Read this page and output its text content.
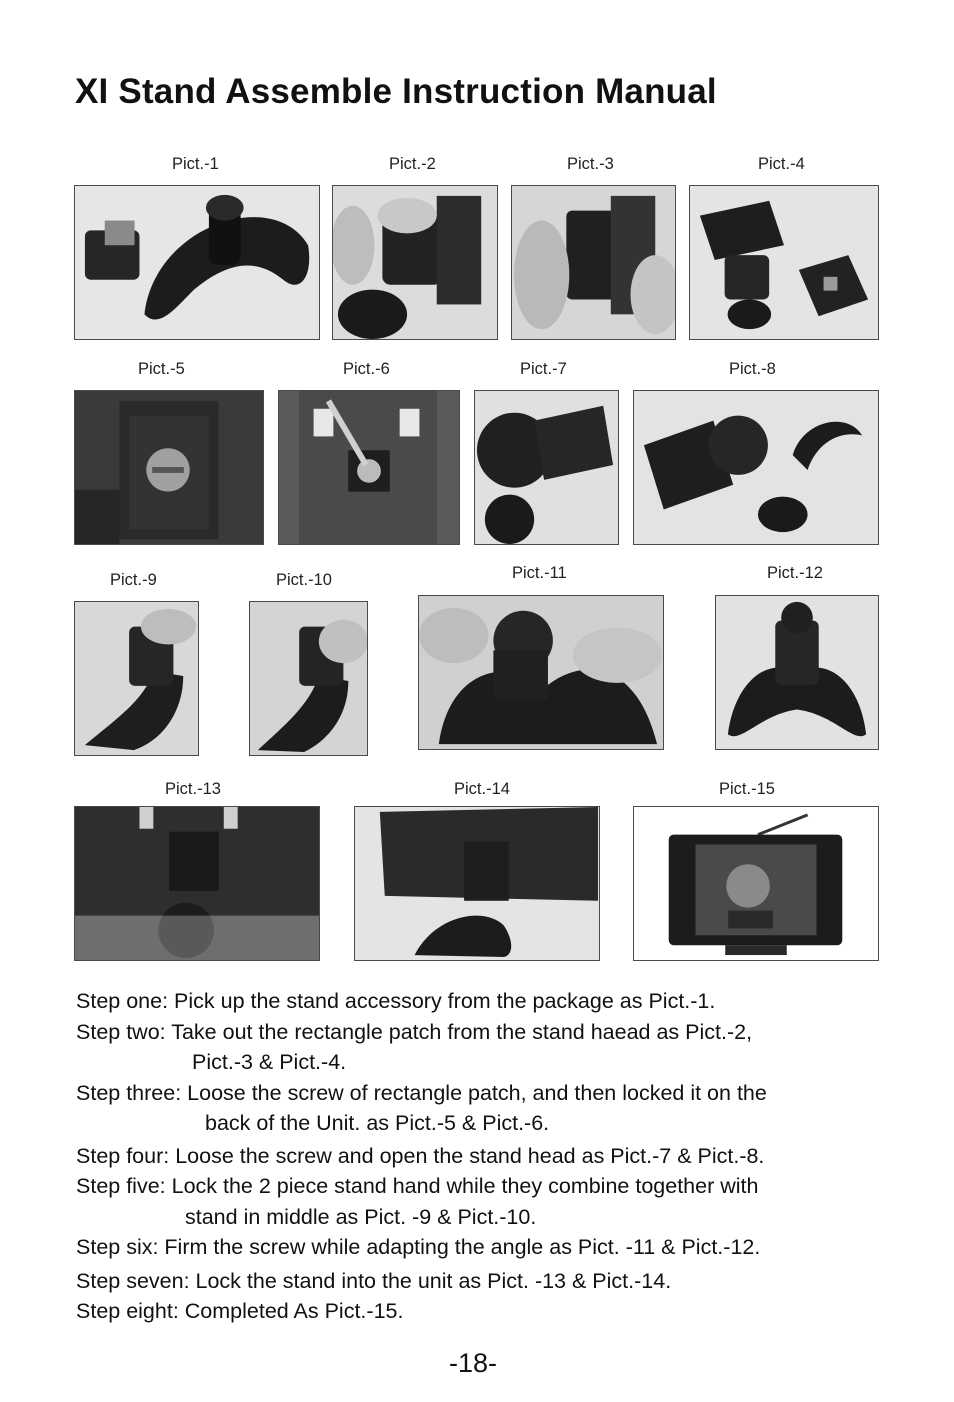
XI Stand Assemble Instruction Manual
Pict.-1	Pict.-2	Pict.-3	Pict.-4
Pict.-5	Pict.-6	Pict.-7	Pict.-8
Pict.-9	Pict.-10	Pict.-11	Pict.-12
Pict.-13	Pict.-14	Pict.-15
Step one: Pick up the stand accessory from the package as Pict.-1.
Step two: Take out the rectangle patch from the stand haead as Pict.-2,
Pict.-3 & Pict.-4.
Step three: Loose the screw of rectangle patch, and then locked it on the
back of the Unit. as Pict.-5 & Pict.-6.
Step four: Loose the screw and open the stand head as Pict.-7 & Pict.-8.
Step five: Lock the 2 piece stand hand while they combine together with
stand in middle as Pict. -9 & Pict.-10.
Step six: Firm the screw while adapting the angle as Pict. -11 & Pict.-12.
Step seven: Lock the stand into the unit as Pict. -13 & Pict.-14.
Step eight: Completed As Pict.-15.
-18-
